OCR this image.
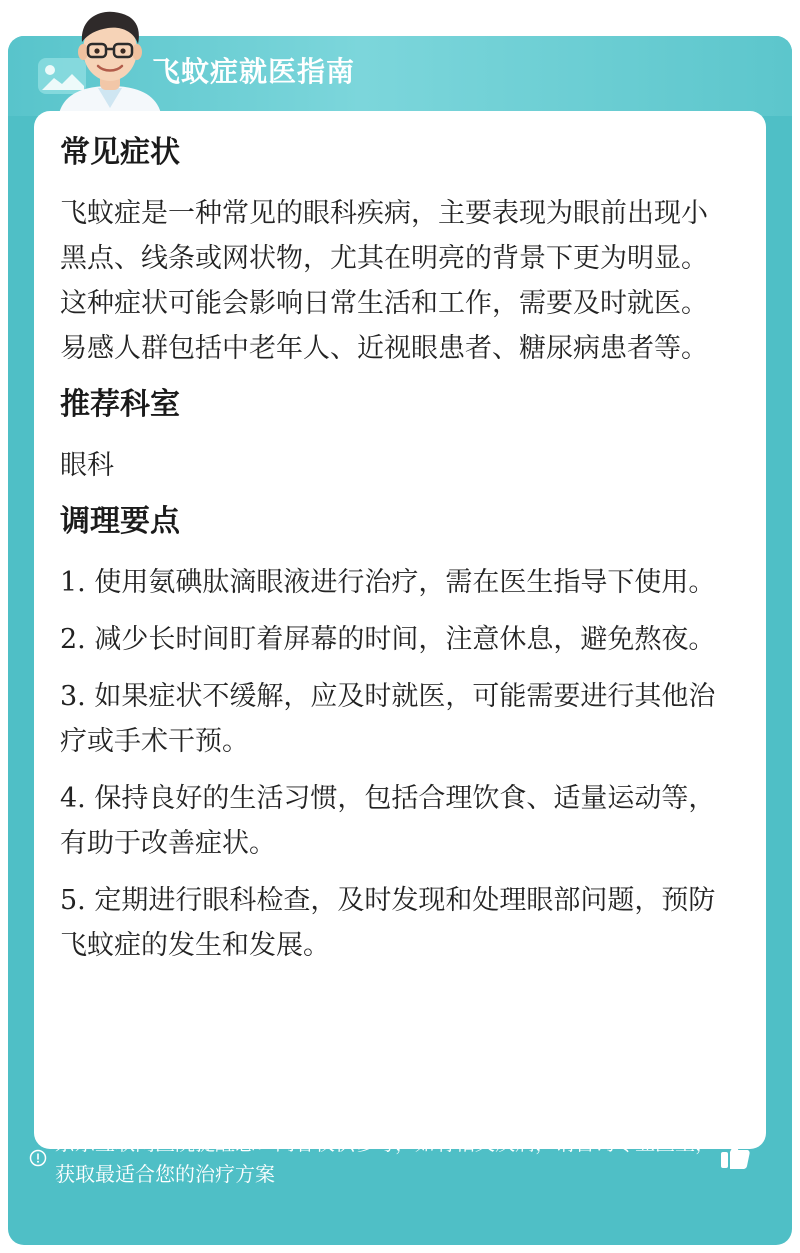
飞蚊症就医指南
常见症状
飞蚊症是一种常见的眼科疾病，主要表现为眼前出现小黑点、线条或网状物，尤其在明亮的背景下更为明显。这种症状可能会影响日常生活和工作，需要及时就医。易感人群包括中老年人、近视眼患者、糖尿病患者等。
推荐科室
眼科
调理要点
1. 使用氨碘肽滴眼液进行治疗，需在医生指导下使用。
2. 减少长时间盯着屏幕的时间，注意休息，避免熬夜。
3. 如果症状不缓解，应及时就医，可能需要进行其他治疗或手术干预。
4. 保持良好的生活习惯，包括合理饮食、适量运动等，有助于改善症状。
5. 定期进行眼科检查，及时发现和处理眼部问题，预防飞蚊症的发生和发展。
京东互联网医院提醒您：内容仅供参考，如有相关疾病，请咨询专业医生，获取最适合您的治疗方案
